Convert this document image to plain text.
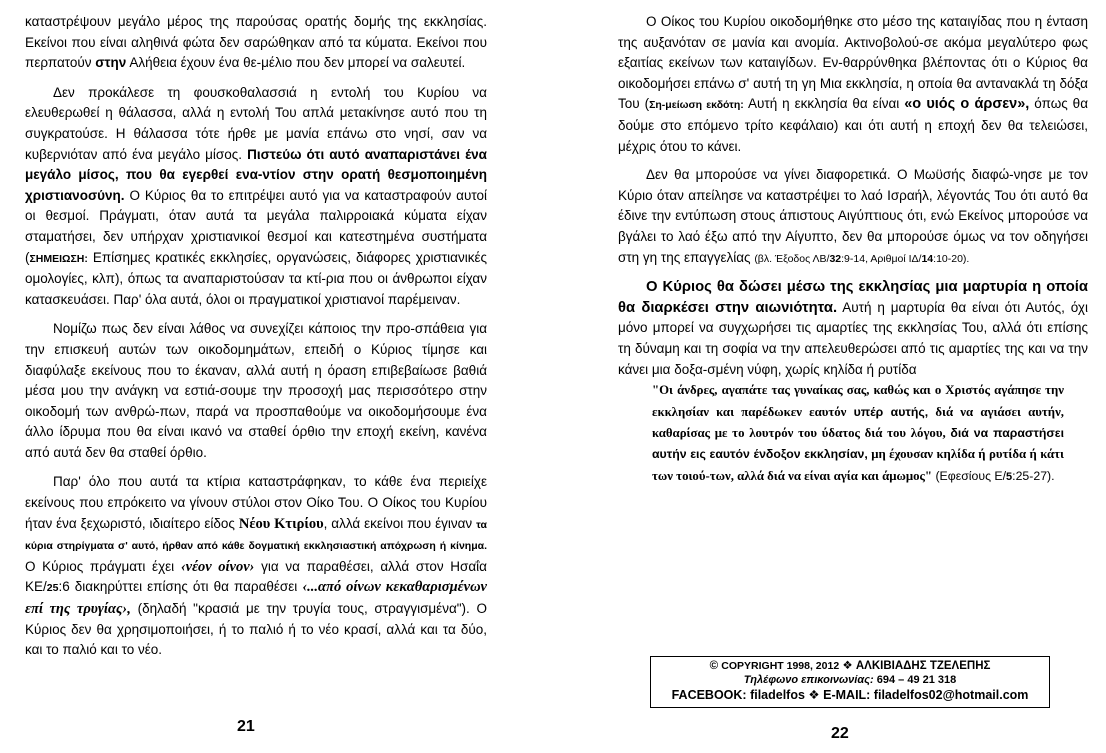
καταστρέψουν μεγάλο μέρος της παρούσας ορατής δομής της εκκλησίας. Εκείνοι που είναι αληθινά φώτα δεν σαρώθηκαν από τα κύματα. Εκείνοι που περπατούν στην Αλήθεια έχουν ένα θε-μέλιο που δεν μπορεί να σαλευτεί.

Δεν προκάλεσε τη φουσκοθαλασσιά η εντολή του Κυρίου να ελευθερωθεί η θάλασσα, αλλά η εντολή Του απλά μετακίνησε αυτό που τη συγκρατούσε. Η θάλασσα τότε ήρθε με μανία επάνω στο νησί, σαν να κυβερνιόταν από ένα μεγάλο μίσος. Πιστεύω ότι αυτό αναπαριστάνει ένα μεγάλο μίσος, που θα εγερθεί ενα-ντίον στην ορατή θεσμοποιημένη χριστιανοσύνη. Ο Κύριος θα το επιτρέψει αυτό για να καταστραφούν αυτοί οι θεσμοί. Πράγματι, όταν αυτά τα μεγάλα παλιρροιακά κύματα είχαν σταματήσει, δεν υπήρχαν χριστιανικοί θεσμοί και κατεστημένα συστήματα (ΣΗΜΕΙΩΣΗ: Επίσημες κρατικές εκκλησίες, οργανώσεις, διάφορες χριστιανικές ομολογίες, κλπ), όπως τα αναπαριστούσαν τα κτί-ρια που οι άνθρωποι είχαν κατασκευάσει. Παρ' όλα αυτά, όλοι οι πραγματικοί χριστιανοί παρέμειναν.

Νομίζω πως δεν είναι λάθος να συνεχίζει κάποιος την προ-σπάθεια για την επισκευή αυτών των οικοδομημάτων, επειδή ο Κύριος τίμησε και διαφύλαξε εκείνους που το έκαναν, αλλά αυτή η όραση επιβεβαίωσε βαθιά μέσα μου την ανάγκη να εστιά-σουμε την προσοχή μας περισσότερο στην οικοδομή των ανθρώ-πων, παρά να προσπαθούμε να οικοδομήσουμε ένα άλλο ίδρυμα που θα είναι ικανό να σταθεί όρθιο την εποχή εκείνη, κανένα από αυτά δεν θα σταθεί όρθιο.

Παρ' όλο που αυτά τα κτίρια καταστράφηκαν, το κάθε ένα περιείχε εκείνους που επρόκειτο να γίνουν στύλοι στον Οίκο Του. Ο Οίκος του Κυρίου ήταν ένα ξεχωριστό, ιδιαίτερο είδος Νέου Κτιρίου, αλλά εκείνοι που έγιναν τα κύρια στηρίγματα σ' αυτό, ήρθαν από κάθε δογματική εκκλησιαστική απόχρωση ή κίνημα. Ο Κύριος πράγματι έχει ‹νέον οίνον› για να παραθέσει, αλλά στον Ησαΐα ΚΕ/25:6 διακηρύττει επίσης ότι θα παραθέσει ‹...από οίνων κεκαθαρισμένων επί της τρυγίας›, (δηλαδή "κρασιά με την τρυγία τους, στραγγισμένα"). Ο Κύριος δεν θα χρησιμοποιήσει, ή το παλιό ή το νέο κρασί, αλλά και τα δύο, και το παλιό και το νέο.

21

Ο Οίκος του Κυρίου οικοδομήθηκε στο μέσο της καταιγίδας που η ένταση της αυξανόταν σε μανία και ανομία. Ακτινοβολού-σε ακόμα μεγαλύτερο φως εξαιτίας εκείνων των καταιγίδων. Εν-θαρρύνθηκα βλέποντας ότι ο Κύριος θα οικοδομήσει επάνω σ' αυτή τη γη Μια εκκλησία, η οποία θα αντανακλά τη δόξα Του (Ση-μείωση εκδότη: Αυτή η εκκλησία θα είναι «ο υιός ο άρσεν», όπως θα δούμε στο επόμενο τρίτο κεφάλαιο) και ότι αυτή η εποχή δεν θα τελειώσει, μέχρις ότου το κάνει.

Δεν θα μπορούσε να γίνει διαφορετικά. Ο Μωϋσής διαφώ-νησε με τον Κύριο όταν απείλησε να καταστρέψει το λαό Ισραήλ, λέγοντάς Του ότι αυτό θα έδινε την εντύπωση στους άπιστους Αιγύπτιους ότι, ενώ Εκείνος μπορούσε να βγάλει το λαό έξω από την Αίγυπτο, δεν θα μπορούσε όμως να τον οδηγήσει στη γη της επαγγελίας (βλ. Έξοδος ΛΒ/32:9-14, Αριθμοί ΙΔ/14:10-20).

Ο Κύριος θα δώσει μέσω της εκκλησίας μια μαρτυρία η οποία θα διαρκέσει στην αιωνιότητα. Αυτή η μαρτυρία θα είναι ότι Αυτός, όχι μόνο μπορεί να συγχωρήσει τις αμαρτίες της εκκλησίας Του, αλλά ότι επίσης τη δύναμη και τη σοφία να την απελευθερώσει από τις αμαρτίες της και να την κάνει μια δοξα-σμένη νύφη, χωρίς κηλίδα ή ρυτίδα

"Οι άνδρες, αγαπάτε τας γυναίκας σας, καθώς και ο Χριστός αγάπησε την εκκλησίαν και παρέδωκεν εαυτόν υπέρ αυτής, διά να αγιάσει αυτήν, καθαρίσας με το λουτρόν του ύδατος διά του λόγου, διά να παραστήσει αυτήν εις εαυτόν ένδοξον εκκλησίαν, μη έχουσαν κηλίδα ή ρυτίδα ή κάτι των τοιού-των, αλλά διά να είναι αγία και άμωμος" (Εφεσίους Ε/5:25-27).

© COPYRIGHT 1998, 2012 ❖ ΑΛΚΙΒΙΑΔΗΣ ΤΖΕΛΕΠΗΣ
Τηλέφωνο επικοινωνίας: 694 – 49 21 318
FACEBOOK: filadelfos ❖ E-MAIL: filadelfos02@hotmail.com
22
